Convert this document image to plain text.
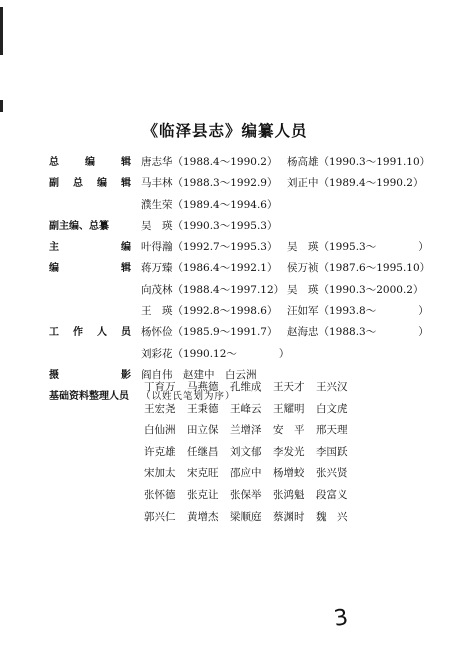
《临泽县志》编纂人员
总	编	辑 唐志华（1988.4～1990.2） 杨高雄（1990.3～1991.10）
副 总 编 辑 马丰林（1988.3～1992.9） 刘正中（1989.4～1990.2）
濮生荣（1989.4～1994.6）
副主编、总纂	吴　瑛（1990.3～1995.3）
主	编 叶得瀚（1992.7～1995.3） 吴　瑛（1995.3～　　　　）
编	辑 蒋万臻（1986.4～1992.1） 侯万祯（1987.6～1995.10）
向茂林（1988.4～1997.12） 吴　瑛（1990.3～2000.2）
王　瑛（1992.8～1998.6） 汪如军（1993.8～　　　　）
工 作 人 员 杨怀俭（1985.9～1991.7） 赵海忠（1988.3～　　　　）
刘彩花（1990.12～　　　　）
摄	影 阎自伟　赵建中　白云洲
基础资料整理人员 （以姓氏笔划为序）
丁育万 马燕德 孔维成 王天才 王兴汉
王宏尧 王秉德 王峰云 王耀明 白文虎
白仙洲 田立保 兰增泽 安　平 邢天理
许克雄 任继昌 刘文郁 李发光 李国跃
宋加太 宋克旺 邵应中 杨增蛟 张兴贤
张怀德 张克让 张保举 张鸿魁 段富义
郭兴仁 黄增杰 梁顺庭 蔡渊时 魏　兴
3
